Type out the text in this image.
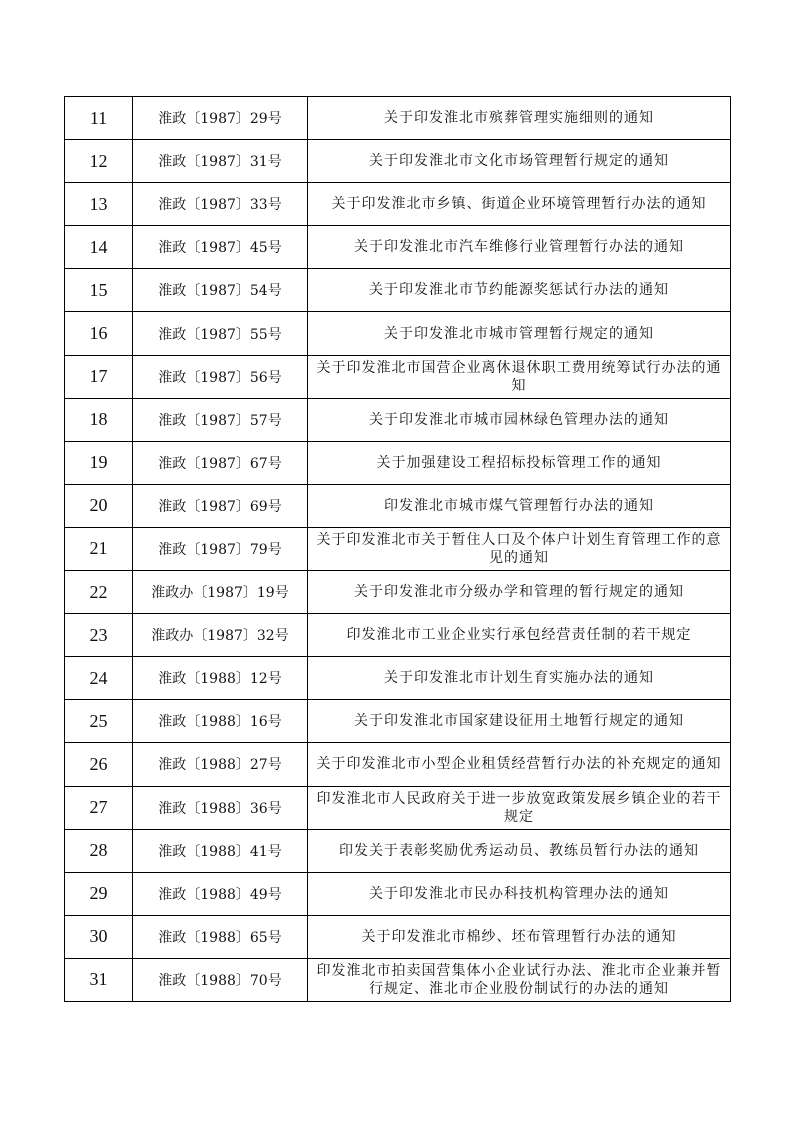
11	淮政〔1987〕29号	关于印发淮北市殡葬管理实施细则的通知
12	淮政〔1987〕31号	关于印发淮北市文化市场管理暂行规定的通知
13	淮政〔1987〕33号	关于印发淮北市乡镇、街道企业环境管理暂行办法的通知
14	淮政〔1987〕45号	关于印发淮北市汽车维修行业管理暂行办法的通知
15	淮政〔1987〕54号	关于印发淮北市节约能源奖惩试行办法的通知
16	淮政〔1987〕55号	关于印发淮北市城市管理暂行规定的通知
17	淮政〔1987〕56号	关于印发淮北市国营企业离休退休职工费用统筹试行办法的通知
18	淮政〔1987〕57号	关于印发淮北市城市园林绿色管理办法的通知
19	淮政〔1987〕67号	关于加强建设工程招标投标管理工作的通知
20	淮政〔1987〕69号	印发淮北市城市煤气管理暂行办法的通知
21	淮政〔1987〕79号	关于印发淮北市关于暂住人口及个体户计划生育管理工作的意见的通知
22	淮政办〔1987〕19号	关于印发淮北市分级办学和管理的暂行规定的通知
23	淮政办〔1987〕32号	印发淮北市工业企业实行承包经营责任制的若干规定
24	淮政〔1988〕12号	关于印发淮北市计划生育实施办法的通知
25	淮政〔1988〕16号	关于印发淮北市国家建设征用土地暂行规定的通知
26	淮政〔1988〕27号	关于印发淮北市小型企业租赁经营暂行办法的补充规定的通知
27	淮政〔1988〕36号	印发淮北市人民政府关于进一步放宽政策发展乡镇企业的若干规定
28	淮政〔1988〕41号	印发关于表彰奖励优秀运动员、教练员暂行办法的通知
29	淮政〔1988〕49号	关于印发淮北市民办科技机构管理办法的通知
30	淮政〔1988〕65号	关于印发淮北市棉纱、坯布管理暂行办法的通知
31	淮政〔1988〕70号	印发淮北市拍卖国营集体小企业试行办法、淮北市企业兼并暂行规定、淮北市企业股份制试行的办法的通知
